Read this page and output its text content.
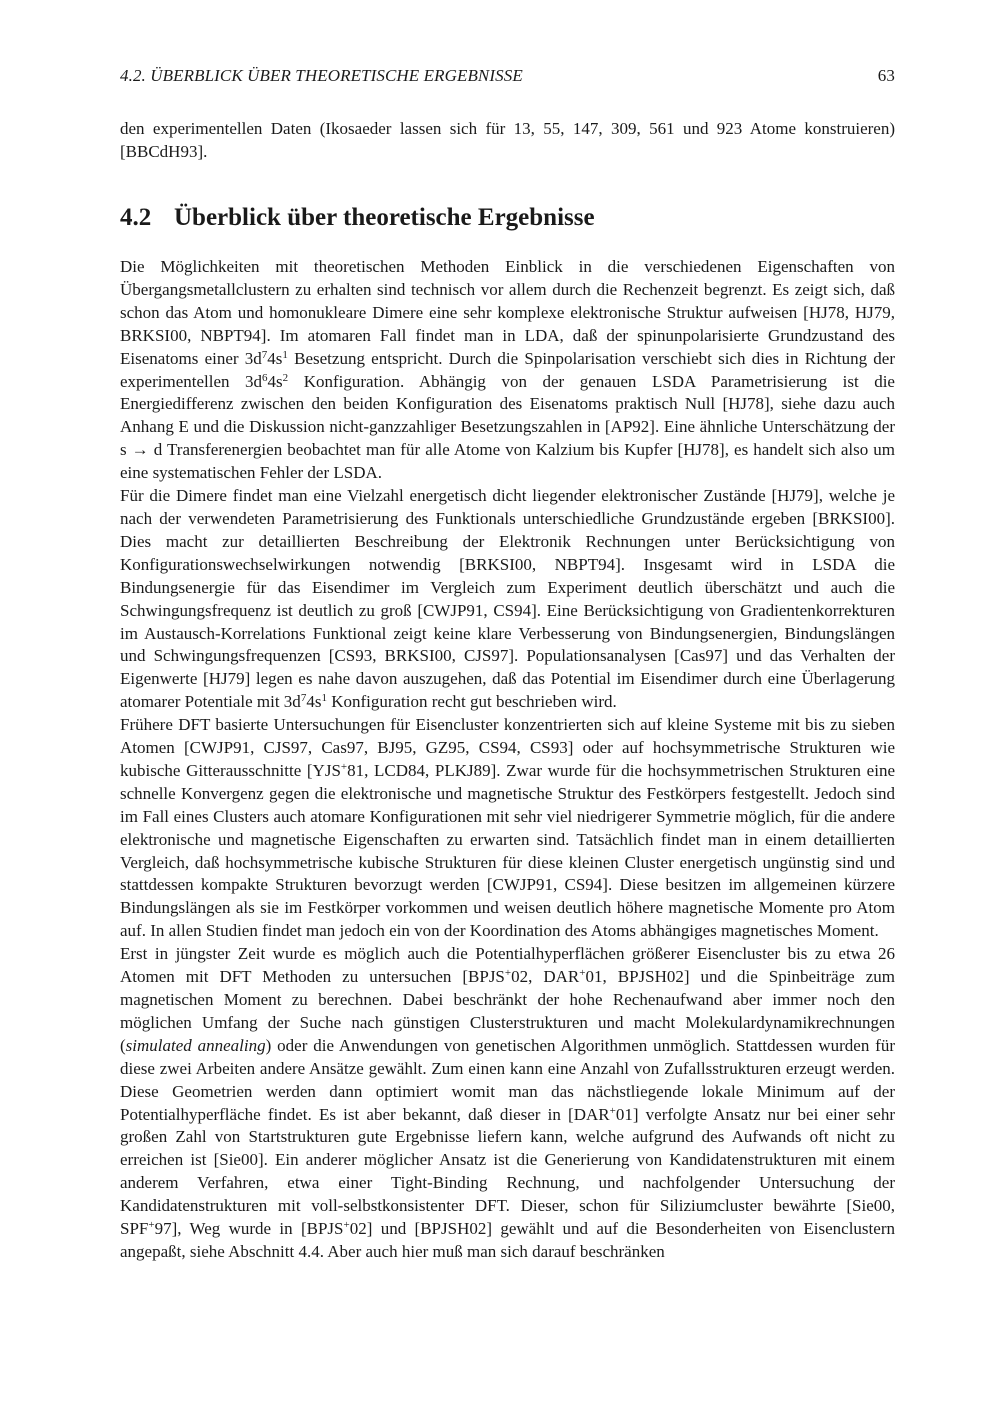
4.2. ÜBERBLICK ÜBER THEORETISCHE ERGEBNISSE	63

den experimentellen Daten (Ikosaeder lassen sich für 13, 55, 147, 309, 561 und 923 Atome konstruieren) [BBCdH93].

4.2 Überblick über theoretische Ergebnisse

Die Möglichkeiten mit theoretischen Methoden Einblick in die verschiedenen Eigenschaften von Übergangsmetallclustern zu erhalten sind technisch vor allem durch die Rechenzeit begrenzt. Es zeigt sich, daß schon das Atom und homonukleare Dimere eine sehr komplexe elektronische Struktur aufweisen [HJ78, HJ79, BRKSI00, NBPT94]. Im atomaren Fall findet man in LDA, daß der spinunpolarisierte Grundzustand des Eisenatoms einer $3d^74s^1$ Besetzung entspricht. Durch die Spinpolarisation verschiebt sich dies in Richtung der experimentellen $3d^64s^2$ Konfiguration. Abhängig von der genauen LSDA Parametrisierung ist die Energiedifferenz zwischen den beiden Konfiguration des Eisenatoms praktisch Null [HJ78], siehe dazu auch Anhang E und die Diskussion nicht-ganzzahliger Besetzungszahlen in [AP92]. Eine ähnliche Unterschätzung der s → d Transferenergien beobachtet man für alle Atome von Kalzium bis Kupfer [HJ78], es handelt sich also um eine systematischen Fehler der LSDA.

Für die Dimere findet man eine Vielzahl energetisch dicht liegender elektronischer Zustände [HJ79], welche je nach der verwendeten Parametrisierung des Funktionals unterschiedliche Grundzustände ergeben [BRKSI00]. Dies macht zur detaillierten Beschreibung der Elektronik Rechnungen unter Berücksichtigung von Konfigurationswechselwirkungen notwendig [BRKSI00, NBPT94]. Insgesamt wird in LSDA die Bindungsenergie für das Eisendimer im Vergleich zum Experiment deutlich überschätzt und auch die Schwingungsfrequenz ist deutlich zu groß [CWJP91, CS94]. Eine Berücksichtigung von Gradientenkorrekturen im Austausch-Korrelations Funktional zeigt keine klare Verbesserung von Bindungsenergien, Bindungslängen und Schwingungsfrequenzen [CS93, BRKSI00, CJS97]. Populationsanalysen [Cas97] und das Verhalten der Eigenwerte [HJ79] legen es nahe davon auszugehen, daß das Potential im Eisendimer durch eine Überlagerung atomarer Potentiale mit $3d^74s^1$ Konfiguration recht gut beschrieben wird.

Frühere DFT basierte Untersuchungen für Eisencluster konzentrierten sich auf kleine Systeme mit bis zu sieben Atomen [CWJP91, CJS97, Cas97, BJ95, GZ95, CS94, CS93] oder auf hochsymmetrische Strukturen wie kubische Gitterausschnitte [YJS+81, LCD84, PLKJ89]. Zwar wurde für die hochsymmetrischen Strukturen eine schnelle Konvergenz gegen die elektronische und magnetische Struktur des Festkörpers festgestellt. Jedoch sind im Fall eines Clusters auch atomare Konfigurationen mit sehr viel niedrigerer Symmetrie möglich, für die andere elektronische und magnetische Eigenschaften zu erwarten sind. Tatsächlich findet man in einem detaillierten Vergleich, daß hochsymmetrische kubische Strukturen für diese kleinen Cluster energetisch ungünstig sind und stattdessen kompakte Strukturen bevorzugt werden [CWJP91, CS94]. Diese besitzen im allgemeinen kürzere Bindungslängen als sie im Festkörper vorkommen und weisen deutlich höhere magnetische Momente pro Atom auf. In allen Studien findet man jedoch ein von der Koordination des Atoms abhängiges magnetisches Moment.

Erst in jüngster Zeit wurde es möglich auch die Potentialhyperflächen größerer Eisencluster bis zu etwa 26 Atomen mit DFT Methoden zu untersuchen [BPJS+02, DAR+01, BPJSH02] und die Spinbeiträge zum magnetischen Moment zu berechnen. Dabei beschränkt der hohe Rechenaufwand aber immer noch den möglichen Umfang der Suche nach günstigen Clusterstrukturen und macht Molekulardynamikrechnungen (simulated annealing) oder die Anwendungen von genetischen Algorithmen unmöglich. Stattdessen wurden für diese zwei Arbeiten andere Ansätze gewählt. Zum einen kann eine Anzahl von Zufallsstrukturen erzeugt werden. Diese Geometrien werden dann optimiert womit man das nächstliegende lokale Minimum auf der Potentialhyperfläche findet. Es ist aber bekannt, daß dieser in [DAR+01] verfolgte Ansatz nur bei einer sehr großen Zahl von Startstrukturen gute Ergebnisse liefern kann, welche aufgrund des Aufwands oft nicht zu erreichen ist [Sie00]. Ein anderer möglicher Ansatz ist die Generierung von Kandidatenstrukturen mit einem anderem Verfahren, etwa einer Tight-Binding Rechnung, und nachfolgender Untersuchung der Kandidatenstrukturen mit voll-selbstkonsistenter DFT. Dieser, schon für Siliziumcluster bewährte [Sie00, SPF+97], Weg wurde in [BPJS+02] und [BPJSH02] gewählt und auf die Besonderheiten von Eisenclustern angepaßt, siehe Abschnitt 4.4. Aber auch hier muß man sich darauf beschränken
